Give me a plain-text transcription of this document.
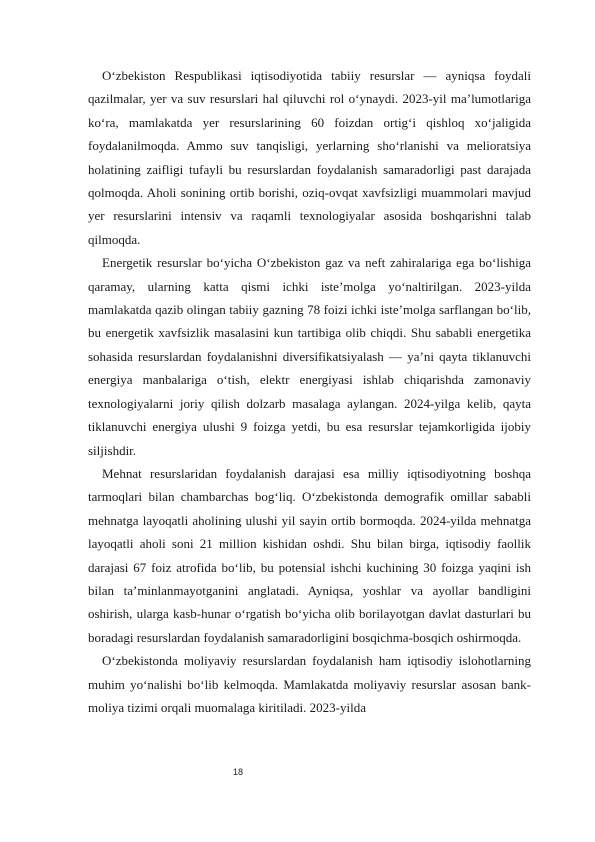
O‘zbekiston Respublikasi iqtisodiyotida tabiiy resurslar — ayniqsa foydali qazilmalar, yer va suv resurslari hal qiluvchi rol o‘ynaydi. 2023-yil ma’lumotlariga ko‘ra, mamlakatda yer resurslarining 60 foizdan ortig‘i qishloq xo‘jaligida foydalanilmoqda. Ammo suv tanqisligi, yerlarning sho‘rlanishi va melioratsiya holatining zaifligi tufayli bu resurslardan foydalanish samaradorligi past darajada qolmoqda. Aholi sonining ortib borishi, oziq-ovqat xavfsizligi muammolari mavjud yer resurslarini intensiv va raqamli texnologiyalar asosida boshqarishni talab qilmoqda.

Energetik resurslar bo‘yicha O‘zbekiston gaz va neft zahiralariga ega bo‘lishiga qaramay, ularning katta qismi ichki iste’molga yo‘naltirilgan. 2023-yilda mamlakatda qazib olingan tabiiy gazning 78 foizi ichki iste’molga sarflangan bo‘lib, bu energetik xavfsizlik masalasini kun tartibiga olib chiqdi. Shu sababli energetika sohasida resurslardan foydalanishni diversifikatsiyalash — ya’ni qayta tiklanuvchi energiya manbalariga o‘tish, elektr energiyasi ishlab chiqarishda zamonaviy texnologiyalarni joriy qilish dolzarb masalaga aylangan. 2024-yilga kelib, qayta tiklanuvchi energiya ulushi 9 foizga yetdi, bu esa resurslar tejamkorligida ijobiy siljishdir.

Mehnat resurslaridan foydalanish darajasi esa milliy iqtisodiyotning boshqa tarmoqlari bilan chambarchas bog‘liq. O‘zbekistonda demografik omillar sababli mehnatga layoqatli aholining ulushi yil sayin ortib bormoqda. 2024-yilda mehnatga layoqatli aholi soni 21 million kishidan oshdi. Shu bilan birga, iqtisodiy faollik darajasi 67 foiz atrofida bo‘lib, bu potensial ishchi kuchining 30 foizga yaqini ish bilan ta’minlanmayotganini anglatadi. Ayniqsa, yoshlar va ayollar bandligini oshirish, ularga kasb-hunar o‘rgatish bo‘yicha olib borilayotgan davlat dasturlari bu boradagi resurslardan foydalanish samaradorligini bosqichma-bosqich oshirmoqda.

O‘zbekistonda moliyaviy resurslardan foydalanish ham iqtisodiy islohotlarning muhim yo‘nalishi bo‘lib kelmoqda. Mamlakatda moliyaviy resurslar asosan bank-moliya tizimi orqali muomalaga kiritiladi. 2023-yilda

18
